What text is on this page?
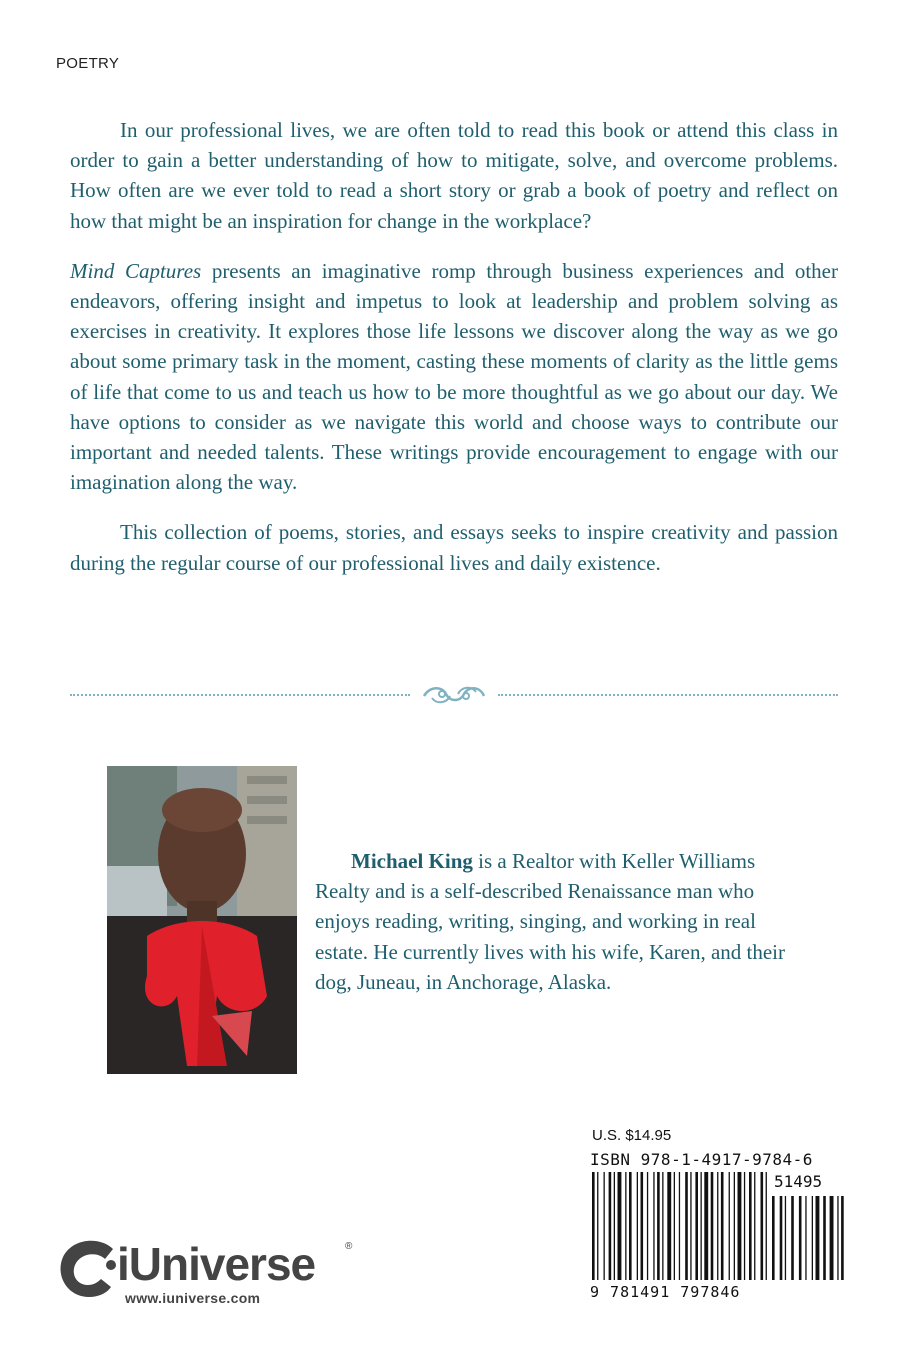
POETRY

In our professional lives, we are often told to read this book or attend this class in order to gain a better understanding of how to mitigate, solve, and overcome problems. How often are we ever told to read a short story or grab a book of poetry and reflect on how that might be an inspiration for change in the workplace?

Mind Captures presents an imaginative romp through business experiences and other endeavors, offering insight and impetus to look at leadership and problem solving as exercises in creativity. It explores those life lessons we discover along the way as we go about some primary task in the moment, casting these moments of clarity as the little gems of life that come to us and teach us how to be more thoughtful as we go about our day. We have options to consider as we navigate this world and choose ways to contribute our important and needed talents. These writings provide encouragement to engage with our imagination along the way.

This collection of poems, stories, and essays seeks to inspire creativity and passion during the regular course of our professional lives and daily existence.

Michael King is a Realtor with Keller Williams Realty and is a self-described Renaissance man who enjoys reading, writing, singing, and working in real estate. He currently lives with his wife, Karen, and their dog, Juneau, in Anchorage, Alaska.

U.S. $14.95
ISBN 978-1-4917-9784-6
51495
9 781491 797846
iUniverse	®
www.iuniverse.com
